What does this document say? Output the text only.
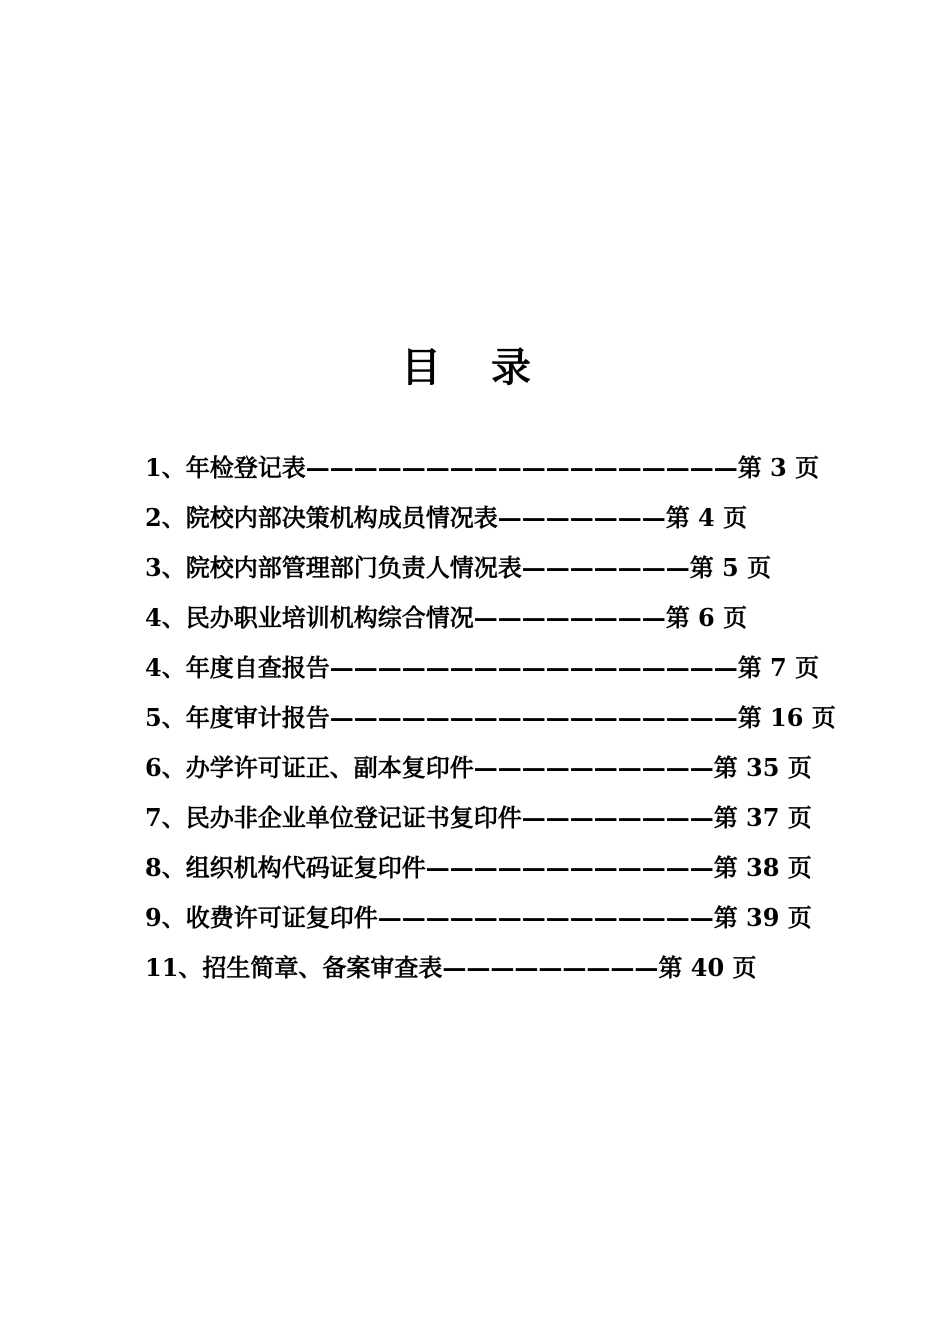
目 录
1、年检登记表——————————————————第 3 页
2、院校内部决策机构成员情况表———————第 4 页
3、院校内部管理部门负责人情况表———————第 5 页
4、民办职业培训机构综合情况————————第 6 页
4、年度自查报告—————————————————第 7 页
5、年度审计报告—————————————————第 16 页
6、办学许可证正、副本复印件——————————第 35 页
7、民办非企业单位登记证书复印件————————第 37 页
8、组织机构代码证复印件————————————第 38 页
9、收费许可证复印件——————————————第 39 页
11、招生简章、备案审查表—————————第 40 页
